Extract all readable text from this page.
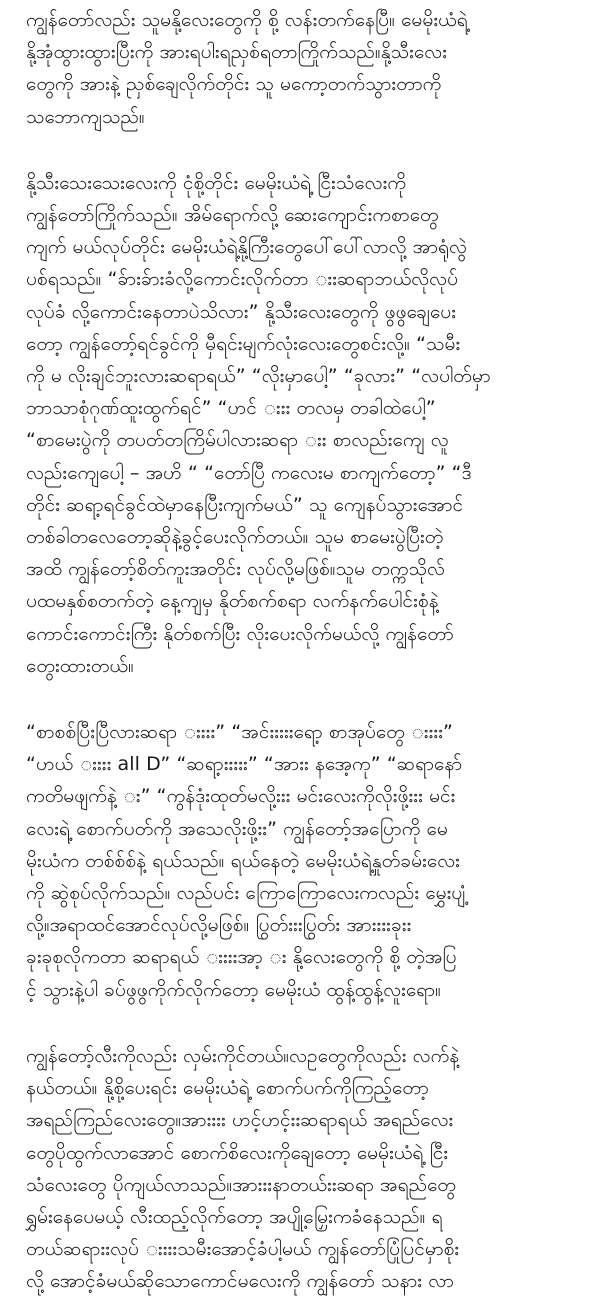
ကျွန်တော်လည်း သူမနို့လေးတွေကို စို့ လန်းတက်နေပြီ။ မေမိုးယံရဲ့
နို့အုံထွားထွားပြီးကို အားရပါးရညှစ်ရတာကြိုက်သည်။နို့သီးလေး
တွေကို အားနဲ့ ညှစ်ချေလိုက်တိုင်း သူ မကော့တက်သွားတာကို
သဘောကျသည်။
နို့သီးသေးသေးလေးကို ငုံစို့တိုင်း မေမိုးယံရဲ့ ငြီးသံလေးကို
ကျွန်တော်ကြိုက်သည်။ အိမ်ရောက်လို့ ဆေးကျောင်းကစာတွေ
ကျက် မယ်လုပ်တိုင်း မေမိုးယံရဲ့နို့ကြီးတွေပေါ်ပေါ်လာလို့ အာရုံလွဲ
ပစ်ရသည်။ “ခ်ားခ်ားခံလို့ကောင်းလိုက်တာ းးဆရာဘယ်လိုလုပ်
လုပ်ခံ လို့ကောင်းနေတာပဲသိလား” နို့သီးလေးတွေကို ဖွဖွချေပေး
တော့ ကျွန်တော့်ရင်ခွင်ကို မှီရင်းမျက်လုံးလေးတွေစင်းလို့။ “သမီး
ကို မ လိုးချင်ဘူးလားဆရာရယ်” “လိုးမှာပေါ့” “ခုလား” “လပါတ်မှာ
ဘာသာစုံဂုဏ်ထူးထွက်ရင်” “ဟင် းးး တလမှ တခါထဲပေါ့”
“စာမေးပွဲကို တပတ်တကြိမ်ပါလားဆရာ းး စာလည်းကျေ လူ
လည်းကျေပေါ့ – အဟိ “ “တော်ပြီ ကလေးမ စာကျက်တော့” “ဒီ
တိုင်း ဆရာ့ရင်ခွင်ထဲမှာနေပြီးကျက်မယ်” သူ ကျေနပ်သွားအောင်
တစ်ခါတလေတော့ဆိုနဲ့ခွင့်ပေးလိုက်တယ်။ သူမ စာမေးပွဲပြီးတဲ့
အထိ ကျွန်တော့်စိတ်ကူးအတိုင်း လုပ်လို့မဖြစ်။သူမ တက္ကသိုလ်
ပထမနှစ်စတက်တဲ့ နေ့ကျမှ နိုတ်စက်စရာ လက်နက်ပေါင်းစုံနဲ့
ကောင်းကောင်းကြီး နိုတ်စက်ပြီး လိုးပေးလိုက်မယ်လို့ ကျွန်တော်
တွေးထားတယ်။
“စာစစ်ပြီးပြီလားဆရာ းးးး” “အင်းးးးးရော့ စာအုပ်တွေ းးးး”
“ဟယ် းးးး all D” “ဆရာ့းးးးး” “အားး နအေ့ကု” “ဆရာနော်
ကတိမဖျက်နဲ့ း” “ကွန်ဒုံးထုတ်မလို့းးး မင်းလေးကိုလိုးဖို့းးး မင်း
လေးရဲ့ စောက်ပတ်ကို အသေလိုးဖို့းး” ကျွန်တော့်အပြောကို မေ
မိုးယံက တစ်စ်စ်နဲ့ ရယ်သည်။ ရယ်နေတဲ့ မေမိုးယံရဲ့နှုတ်ခမ်းလေး
ကို ဆွဲစုပ်လိုက်သည်။ လည်ပင်း ကြောကြောလေးကလည်း မွှေးပျံ့
လို့။အရာထင်အောင်လုပ်လို့မဖြစ်။ ပြွတ်းးးပြွတ်း အားးးးခုးး
ခုးခုစုလိုကတာ ဆရာရယ် းးးးအာ့ း နို့လေးတွေကို စို့ တဲ့အပြ
င့် သွားနဲ့ပါ ခပ်ဖွဖွကိုက်လိုက်တော့ မေမိုးယံ ထွန့်ထွန့်လူးရော။
ကျွန်တော့်လီးကိုလည်း လှမ်းကိုင်တယ်။လဥတွေကိုလည်း လက်နဲ့
နယ်တယ်။ နို့စို့ပေးရင်း မေမိုးယံရဲ့ စောက်ပက်ကိုကြည့်တော့
အရည်ကြည်လေးတွေ။အားးးး ဟင့်ဟင့်းးဆရာရယ် အရည်လေး
တွေပိုထွက်လာအောင် စောက်စိလေးကိုချေတော့ မေမိုးယံရဲ့ ငြီး
သံလေးတွေ ပိုကျယ်လာသည်။အားးးနာတယ်းးဆရာ အရည်တွေ
ရွှမ်းနေပေမယ့် လီးထည့်လိုက်တော့ အပျို့မြှေးကခံနေသည်။ ရ
တယ်ဆရားးလုပ် းးးးသမီးအောင့်ခံပါ့မယ် ကျွန်တော်ပြုံပြင်မှာစိုး
လို့ အောင့်ခံမယ်ဆိုသောကောင်မလေးကို ကျွန်တော် သနား လာ
